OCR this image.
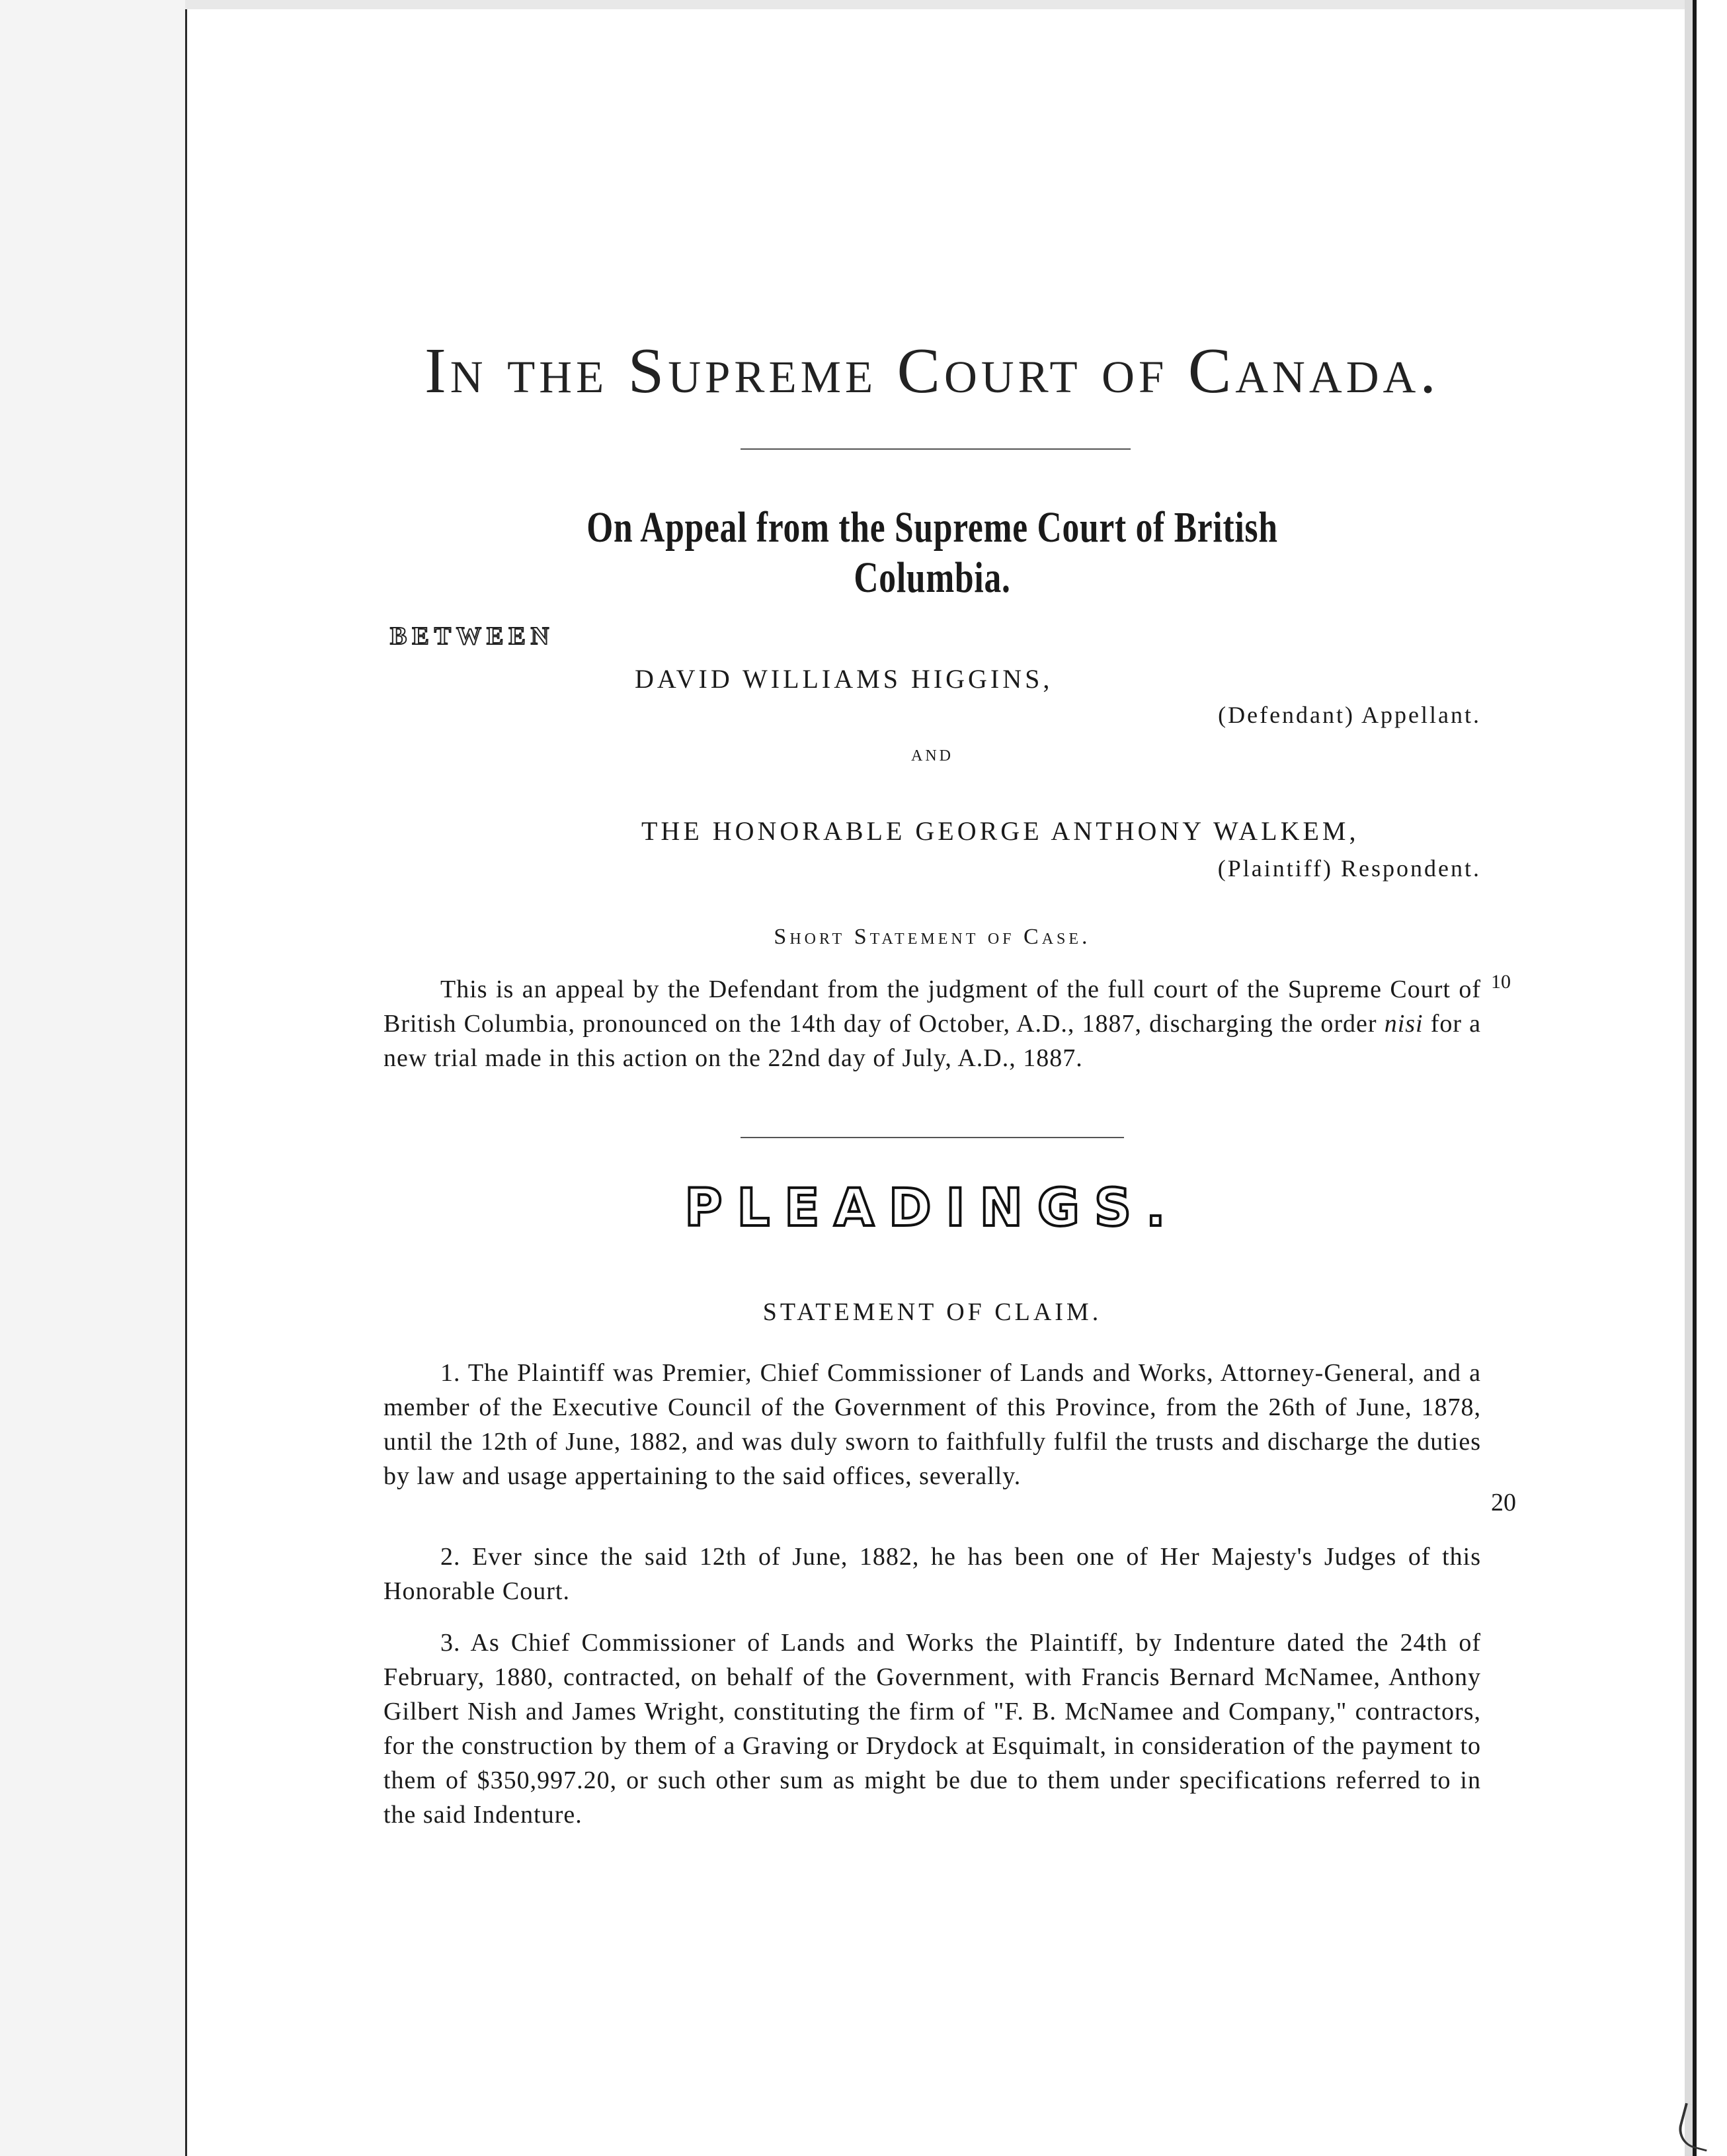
In the Supreme Court of Canada.
On Appeal from the Supreme Court of British Columbia.
BETWEEN
DAVID WILLIAMS HIGGINS,
(Defendant) Appellant.
AND
THE HONORABLE GEORGE ANTHONY WALKEM,
(Plaintiff) Respondent.
Short Statement of Case.
This is an appeal by the Defendant from the judgment of the full court of the Supreme Court of British Columbia, pronounced on the 14th day of October, A.D., 1887, discharging the order nisi for a new trial made in this action on the 22nd day of July, A.D., 1887.
10
PLEADINGS.
STATEMENT OF CLAIM.
1. The Plaintiff was Premier, Chief Commissioner of Lands and Works, Attorney-General, and a member of the Executive Council of the Government of this Province, from the 26th of June, 1878, until the 12th of June, 1882, and was duly sworn to faithfully fulfil the trusts and discharge the duties by law and usage appertaining to the said offices, severally.
20
2. Ever since the said 12th of June, 1882, he has been one of Her Majesty's Judges of this Honorable Court.
3. As Chief Commissioner of Lands and Works the Plaintiff, by Indenture dated the 24th of February, 1880, contracted, on behalf of the Government, with Francis Bernard McNamee, Anthony Gilbert Nish and James Wright, constituting the firm of "F. B. McNamee and Company," contractors, for the construction by them of a Graving or Drydock at Esquimalt, in consideration of the payment to them of $350,997.20, or such other sum as might be due to them under specifications referred to in the said Indenture.
